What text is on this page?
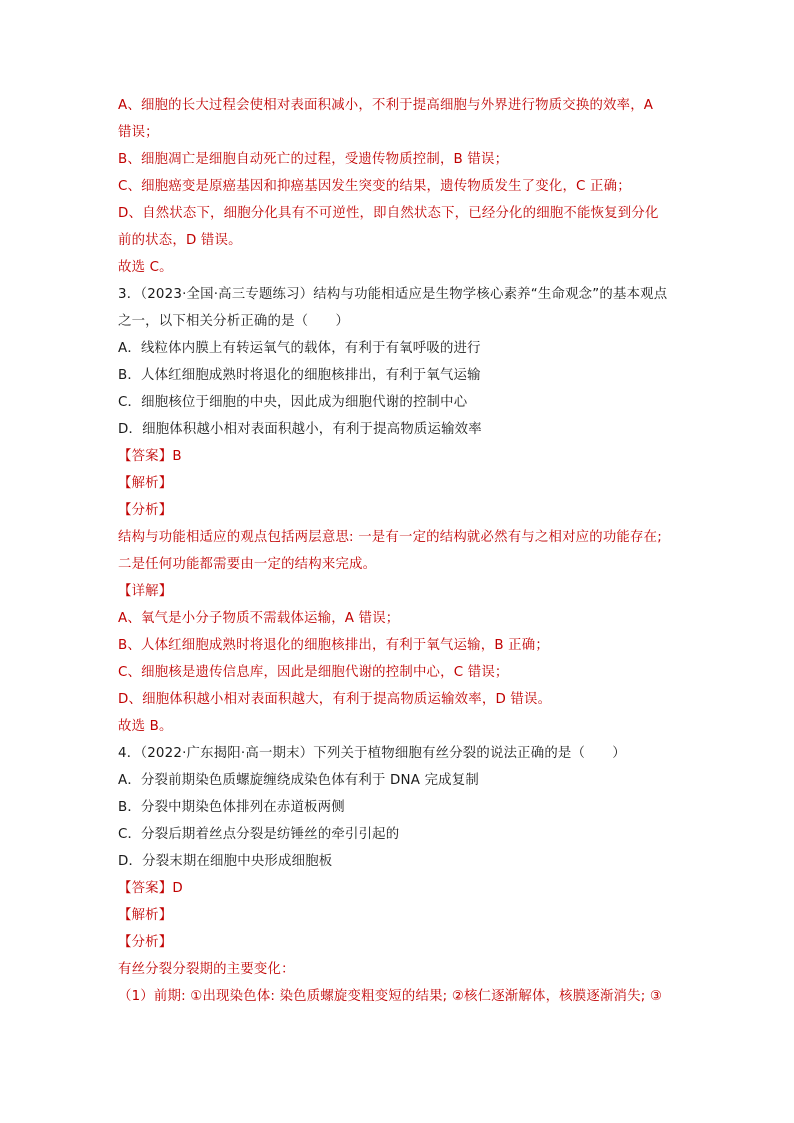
A、细胞的长大过程会使相对表面积减小，不利于提高细胞与外界进行物质交换的效率，A
错误；
B、细胞凋亡是细胞自动死亡的过程，受遗传物质控制，B 错误；
C、细胞癌变是原癌基因和抑癌基因发生突变的结果，遗传物质发生了变化，C 正确；
D、自然状态下，细胞分化具有不可逆性，即自然状态下，已经分化的细胞不能恢复到分化
前的状态，D 错误。
故选 C。
3．（2023·全国·高三专题练习）结构与功能相适应是生物学核心素养“生命观念”的基本观点
之一，以下相关分析正确的是（　　）
A．线粒体内膜上有转运氧气的载体，有利于有氧呼吸的进行
B．人体红细胞成熟时将退化的细胞核排出，有利于氧气运输
C．细胞核位于细胞的中央，因此成为细胞代谢的控制中心
D．细胞体积越小相对表面积越小，有利于提高物质运输效率
【答案】B
【解析】
【分析】
结构与功能相适应的观点包括两层意思: 一是有一定的结构就必然有与之相对应的功能存在;
二是任何功能都需要由一定的结构来完成。
【详解】
A、氧气是小分子物质不需载体运输，A 错误；
B、人体红细胞成熟时将退化的细胞核排出，有利于氧气运输，B 正确；
C、细胞核是遗传信息库，因此是细胞代谢的控制中心，C 错误；
D、细胞体积越小相对表面积越大，有利于提高物质运输效率，D 错误。
故选 B。
4．（2022·广东揭阳·高一期末）下列关于植物细胞有丝分裂的说法正确的是（　　）
A．分裂前期染色质螺旋缠绕成染色体有利于 DNA 完成复制
B．分裂中期染色体排列在赤道板两侧
C．分裂后期着丝点分裂是纺锤丝的牵引引起的
D．分裂末期在细胞中央形成细胞板
【答案】D
【解析】
【分析】
有丝分裂分裂期的主要变化：
（1）前期: ①出现染色体: 染色质螺旋变粗变短的结果; ②核仁逐渐解体，核膜逐渐消失; ③
